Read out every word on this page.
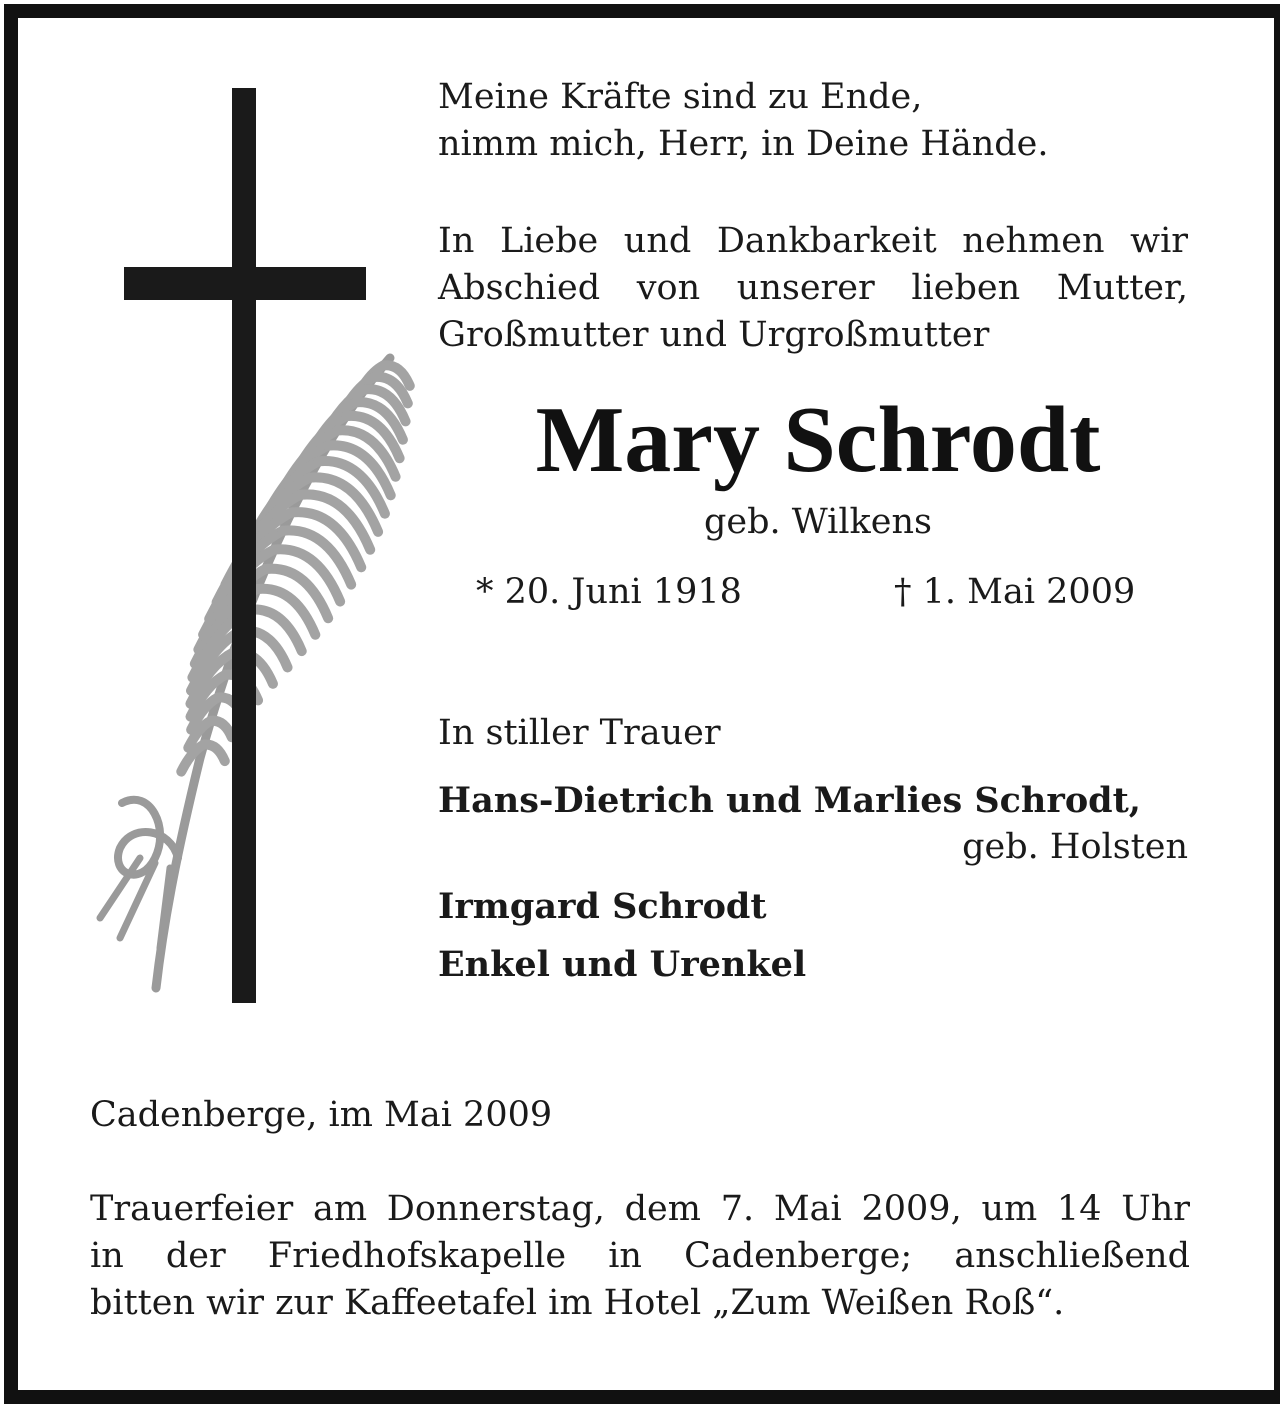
Meine Kräfte sind zu Ende,
nimm mich, Herr, in Deine Hände.

In Liebe und Dankbarkeit nehmen wir
Abschied von unserer lieben Mutter,
Großmutter und Urgroßmutter

Mary Schrodt
geb. Wilkens
* 20. Juni 1918	† 1. Mai 2009
In stiller Trauer
Hans-Dietrich und Marlies Schrodt,
geb. Holsten
Irmgard Schrodt
Enkel und Urenkel
Cadenberge, im Mai 2009

Trauerfeier am Donnerstag, dem 7. Mai 2009, um 14 Uhr
in der Friedhofskapelle in Cadenberge; anschließend
bitten wir zur Kaffeetafel im Hotel „Zum Weißen Roß“.
